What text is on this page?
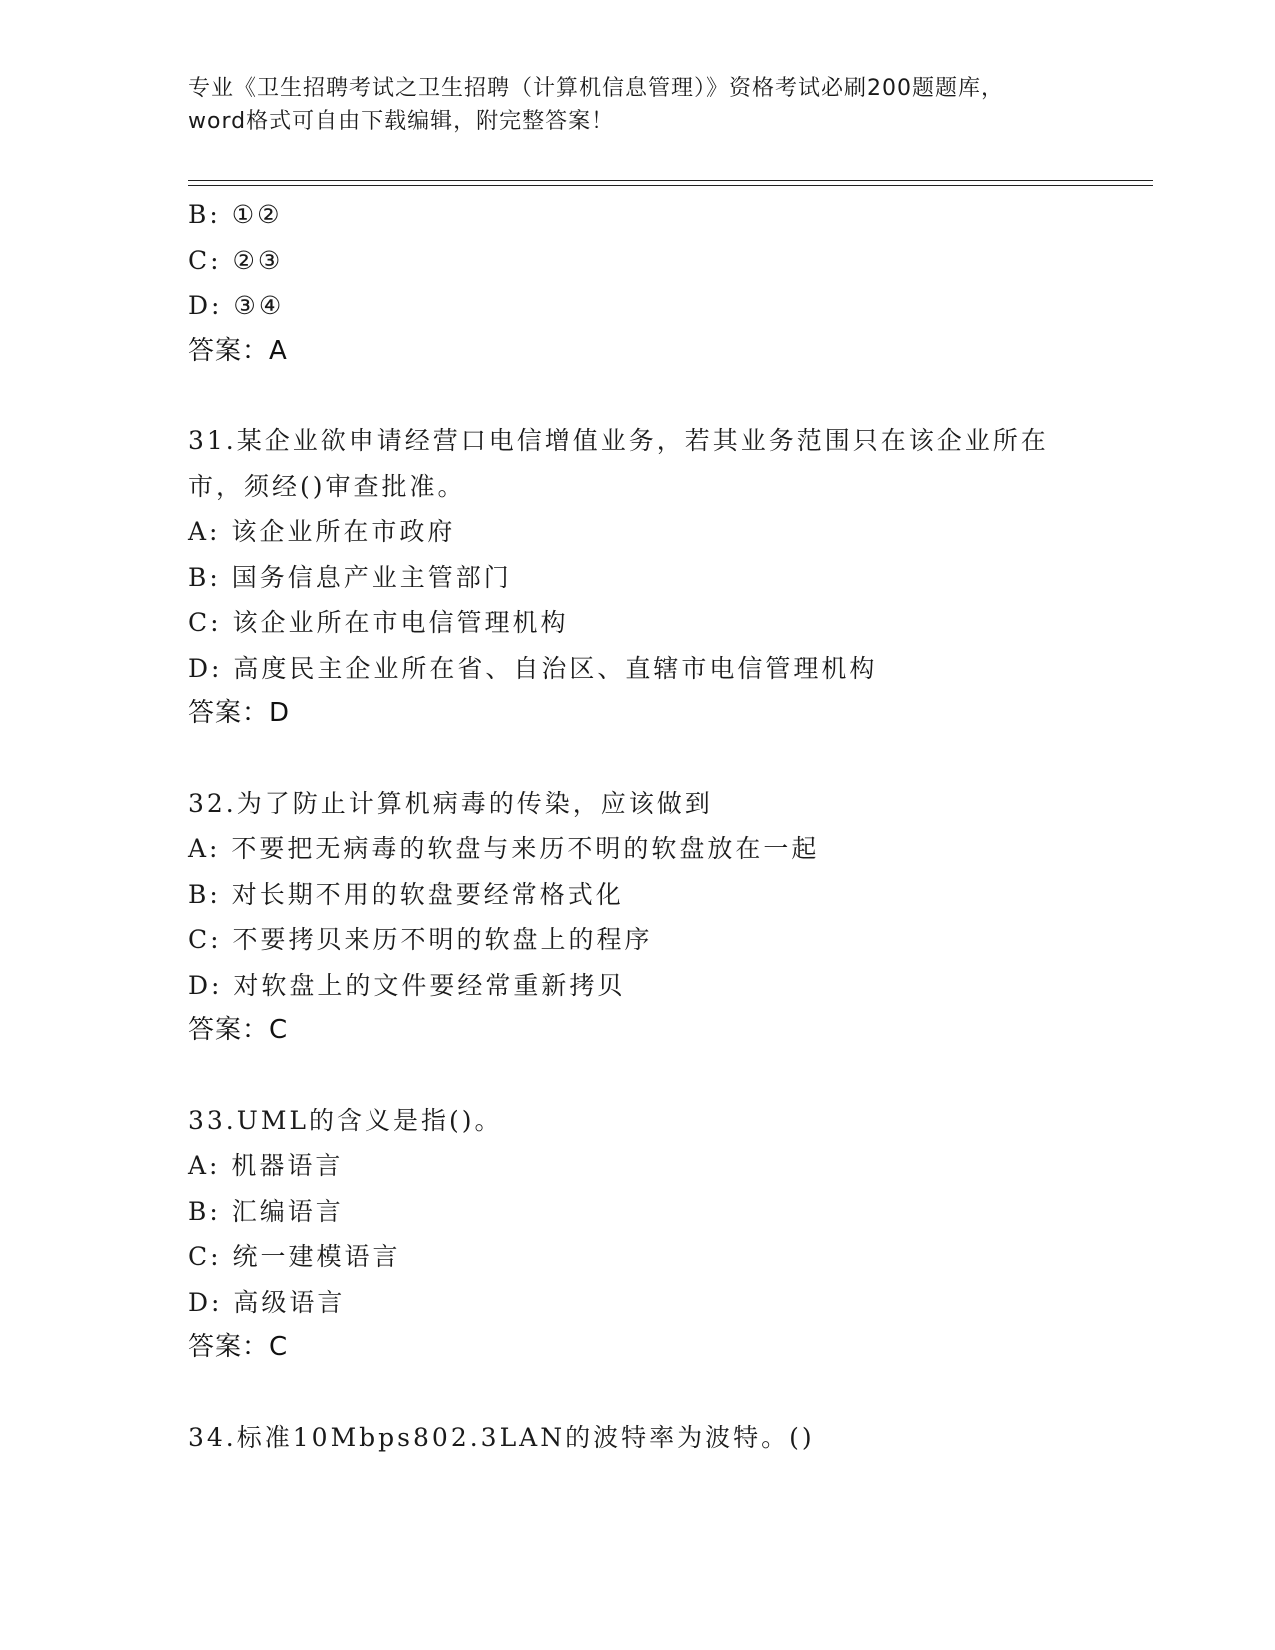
专业《卫生招聘考试之卫生招聘（计算机信息管理）》资格考试必刷200题题库，
word格式可自由下载编辑，附完整答案！
B: ①②
C: ②③
D: ③④
答案：A
31.某企业欲申请经营口电信增值业务，若其业务范围只在该企业所在市，须经()审查批准。
A: 该企业所在市政府
B: 国务信息产业主管部门
C: 该企业所在市电信管理机构
D: 高度民主企业所在省、自治区、直辖市电信管理机构
答案：D
32.为了防止计算机病毒的传染，应该做到
A: 不要把无病毒的软盘与来历不明的软盘放在一起
B: 对长期不用的软盘要经常格式化
C: 不要拷贝来历不明的软盘上的程序
D: 对软盘上的文件要经常重新拷贝
答案：C
33.UML的含义是指()。
A: 机器语言
B: 汇编语言
C: 统一建模语言
D: 高级语言
答案：C
34.标准10Mbps802.3LAN的波特率为波特。()
